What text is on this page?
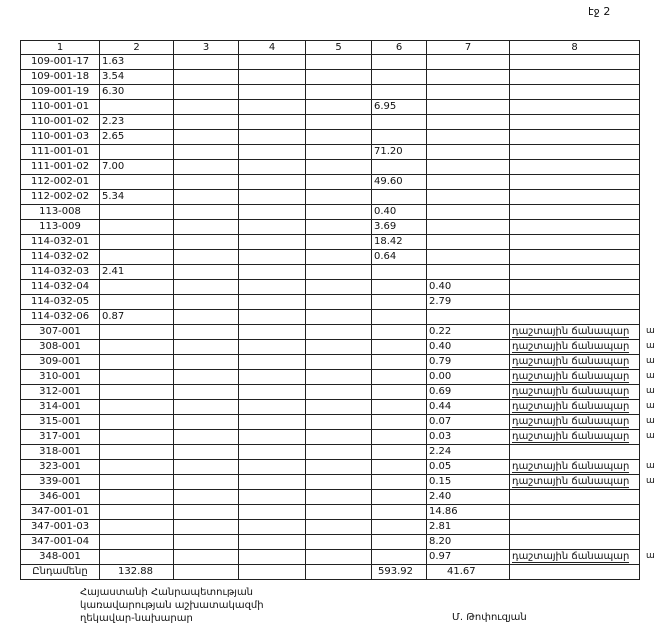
էջ 2
1	2	3	4	5	6	7	8
109-001-17	1.63						
109-001-18	3.54						
109-001-19	6.30						
110-001-01					6.95		
110-001-02	2.23						
110-001-03	2.65						
111-001-01					71.20		
111-001-02	7.00						
112-002-01					49.60		
112-002-02	5.34						
113-008					0.40		
113-009					3.69		
114-032-01					18.42		
114-032-02					0.64		
114-032-03	2.41						
114-032-04						0.40	
114-032-05						2.79	
114-032-06	0.87						
307-001						0.22	դաշտային ճանապար
308-001						0.40	դաշտային ճանապար
309-001						0.79	դաշտային ճանապար
310-001						0.00	դաշտային ճանապար
312-001						0.69	դաշտային ճանապար
314-001						0.44	դաշտային ճանապար
315-001						0.07	դաշտային ճանապար
317-001						0.03	դաշտային ճանապար
318-001						2.24	
323-001						0.05	դաշտային ճանապար
339-001						0.15	դաշտային ճանապար
346-001						2.40	
347-001-01						14.86	
347-001-03						2.81	
347-001-04						8.20	
348-001						0.97	դաշտային ճանապար
Ընդամենը	132.88				593.92	41.67	
ա
ա
ա
ա
ա
ա
ա
ա
ա
ա
ա
Հայաստանի Հանրապետության
կառավարության աշխատակազմի
ղեկավար-նախարար	Մ. Թոփուզյան
